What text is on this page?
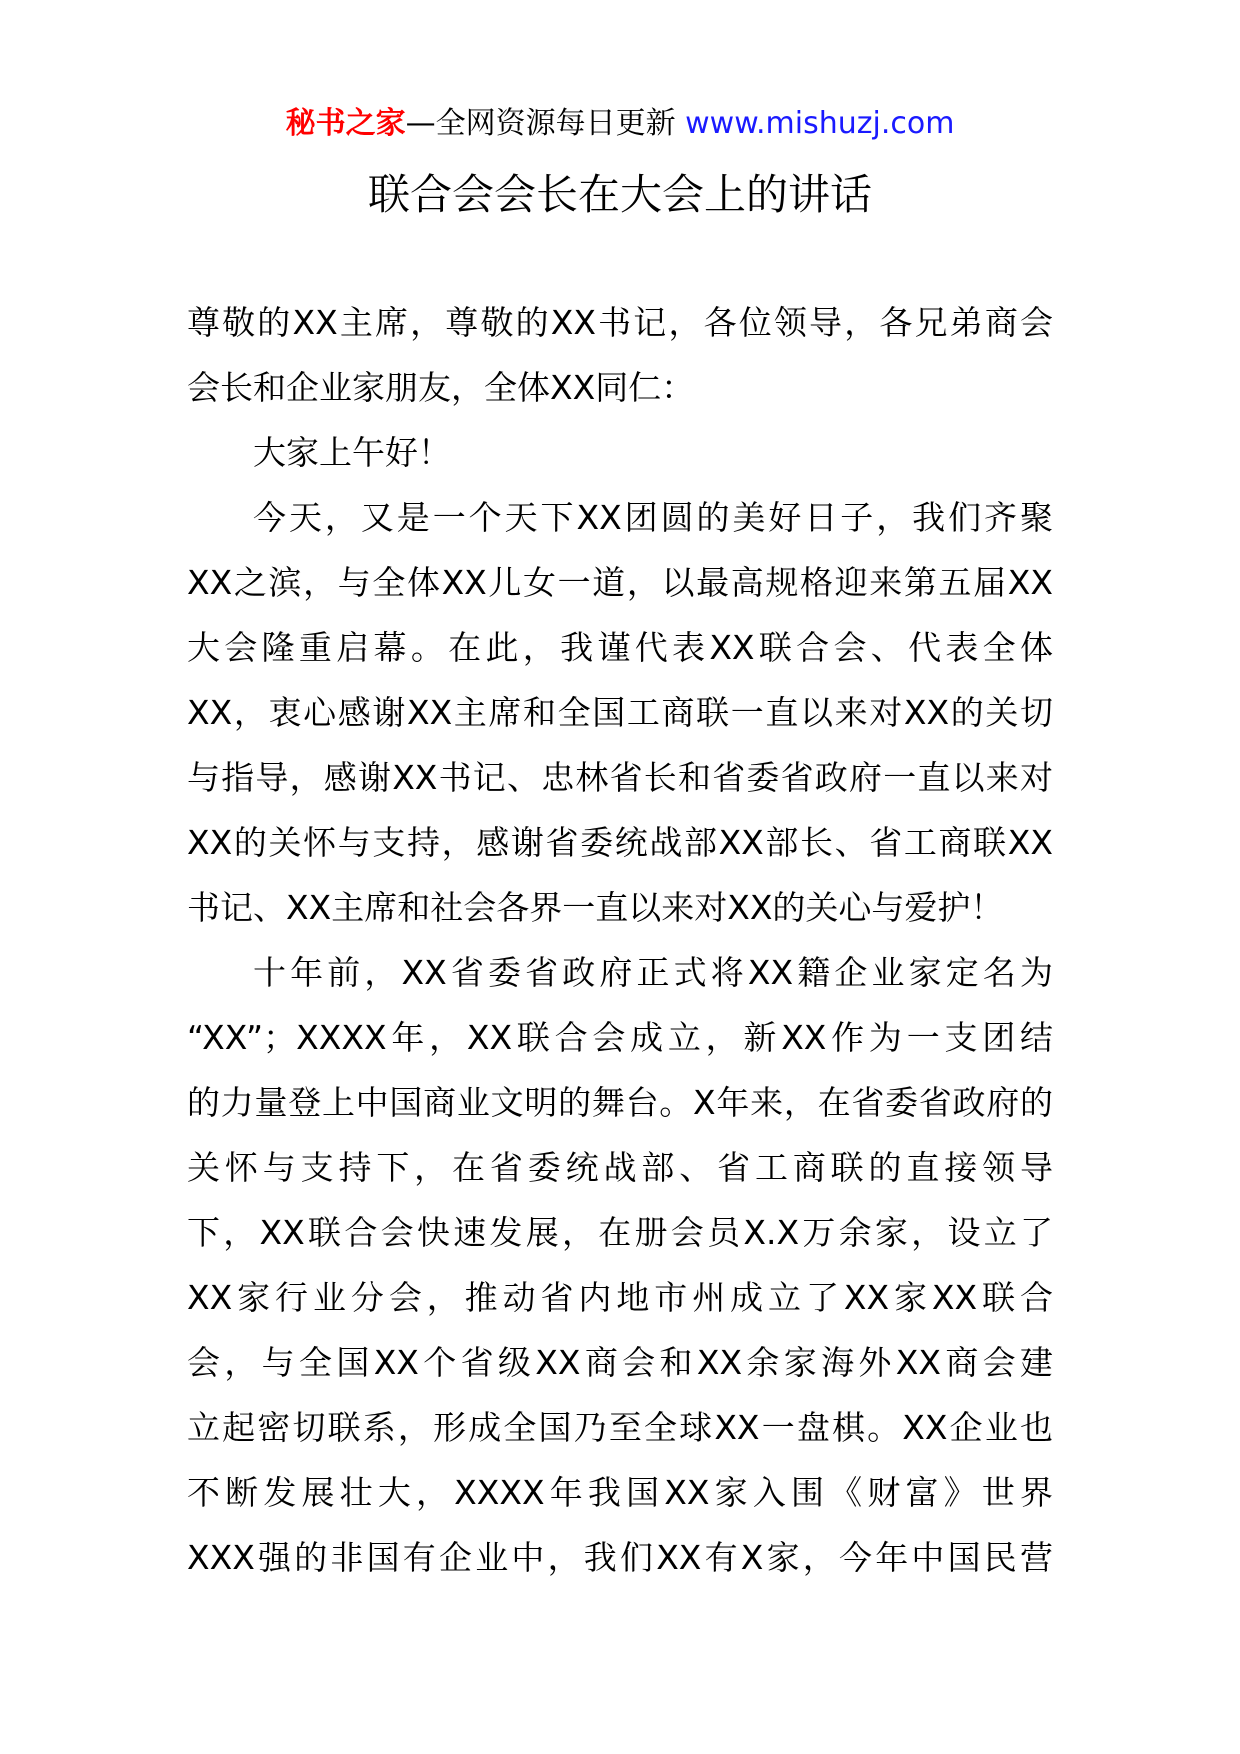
秘书之家—全网资源每日更新 www.mishuzj.com
联合会会长在大会上的讲话
尊敬的XX主席，尊敬的XX书记，各位领导，各兄弟商会
会长和企业家朋友，全体XX同仁：
大家上午好！
今天，又是一个天下XX团圆的美好日子，我们齐聚
XX之滨，与全体XX儿女一道，以最高规格迎来第五届XX
大会隆重启幕。在此，我谨代表XX联合会、代表全体
XX，衷心感谢XX主席和全国工商联一直以来对XX的关切
与指导，感谢XX书记、忠林省长和省委省政府一直以来对
XX的关怀与支持，感谢省委统战部XX部长、省工商联XX
书记、XX主席和社会各界一直以来对XX的关心与爱护！
十年前，XX省委省政府正式将XX籍企业家定名为
“XX”；XXXX年，XX联合会成立，新XX作为一支团结
的力量登上中国商业文明的舞台。X年来，在省委省政府的
关怀与支持下，在省委统战部、省工商联的直接领导
下，XX联合会快速发展，在册会员X.X万余家，设立了
XX家行业分会，推动省内地市州成立了XX家XX联合
会，与全国XX个省级XX商会和XX余家海外XX商会建
立起密切联系，形成全国乃至全球XX一盘棋。XX企业也
不断发展壮大，XXXX年我国XX家入围《财富》世界
XXX强的非国有企业中，我们XX有X家，今年中国民营
